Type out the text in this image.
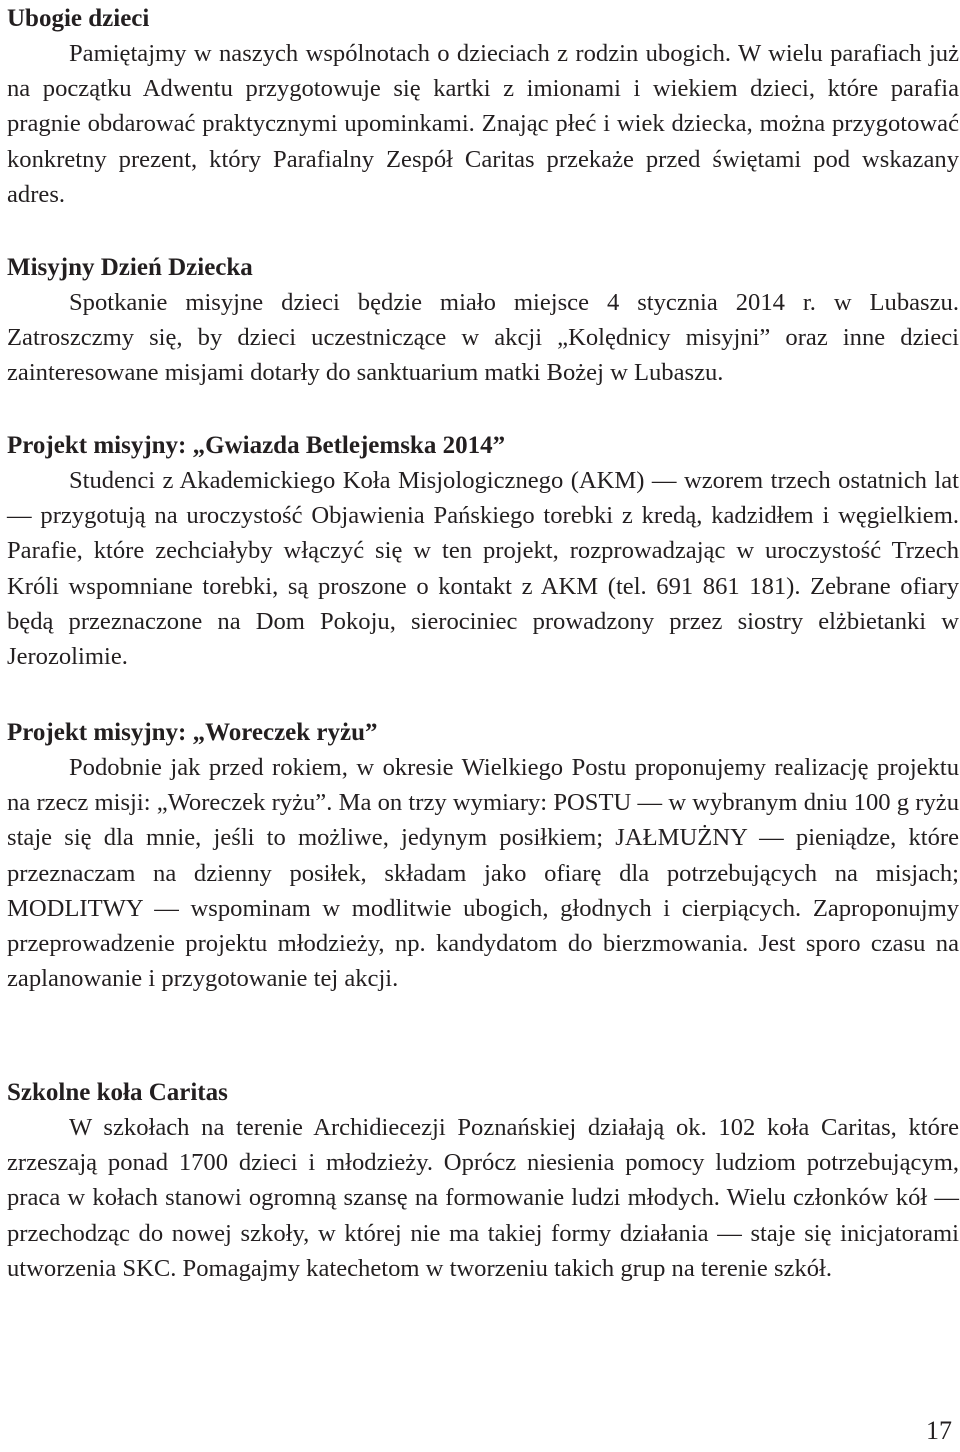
Ubogie dzieci

Pamiętajmy w naszych wspólnotach o dzieciach z rodzin ubogich. W wielu parafiach już na początku Adwentu przygotowuje się kartki z imionami i wiekiem dzieci, które parafia pragnie obdarować praktycznymi upominkami. Znając płeć i wiek dziecka, można przygotować konkretny prezent, który Parafialny Zespół Caritas przekaże przed świętami pod wskazany adres.

Misyjny Dzień Dziecka

Spotkanie misyjne dzieci będzie miało miejsce 4 stycznia 2014 r. w Lubaszu. Zatroszczmy się, by dzieci uczestniczące w akcji „Kolędnicy misyjni” oraz inne dzieci zainteresowane misjami dotarły do sanktuarium matki Bożej w Lubaszu.

Projekt misyjny: „Gwiazda Betlejemska 2014”

Studenci z Akademickiego Koła Misjologicznego (AKM) — wzorem trzech ostatnich lat — przygotują na uroczystość Objawienia Pańskiego torebki z kredą, kadzidłem i węgielkiem. Parafie, które zechciałyby włączyć się w ten projekt, rozprowadzając w uroczystość Trzech Króli wspomniane torebki, są proszone o kontakt z AKM (tel. 691 861 181). Zebrane ofiary będą przeznaczone na Dom Pokoju, sierociniec prowadzony przez siostry elżbietanki w Jerozolimie.

Projekt misyjny: „Woreczek ryżu”

Podobnie jak przed rokiem, w okresie Wielkiego Postu proponujemy realizację projektu na rzecz misji: „Woreczek ryżu”. Ma on trzy wymiary: POSTU — w wybranym dniu 100 g ryżu staje się dla mnie, jeśli to możliwe, jedynym posiłkiem; JAŁMUŻNY — pieniądze, które przeznaczam na dzienny posiłek, składam jako ofiarę dla potrzebujących na misjach; MODLITWY — wspominam w modlitwie ubogich, głodnych i cierpiących. Zaproponujmy przeprowadzenie projektu młodzieży, np. kandydatom do bierzmowania. Jest sporo czasu na zaplanowanie i przygotowanie tej akcji.

Szkolne koła Caritas

W szkołach na terenie Archidiecezji Poznańskiej działają ok. 102 koła Caritas, które zrzeszają ponad 1700 dzieci i młodzieży. Oprócz niesienia pomocy ludziom potrzebującym, praca w kołach stanowi ogromną szansę na formowanie ludzi młodych. Wielu członków kół — przechodząc do nowej szkoły, w której nie ma takiej formy działania — staje się inicjatorami utworzenia SKC. Pomagajmy katechetom w tworzeniu takich grup na terenie szkół.

17
